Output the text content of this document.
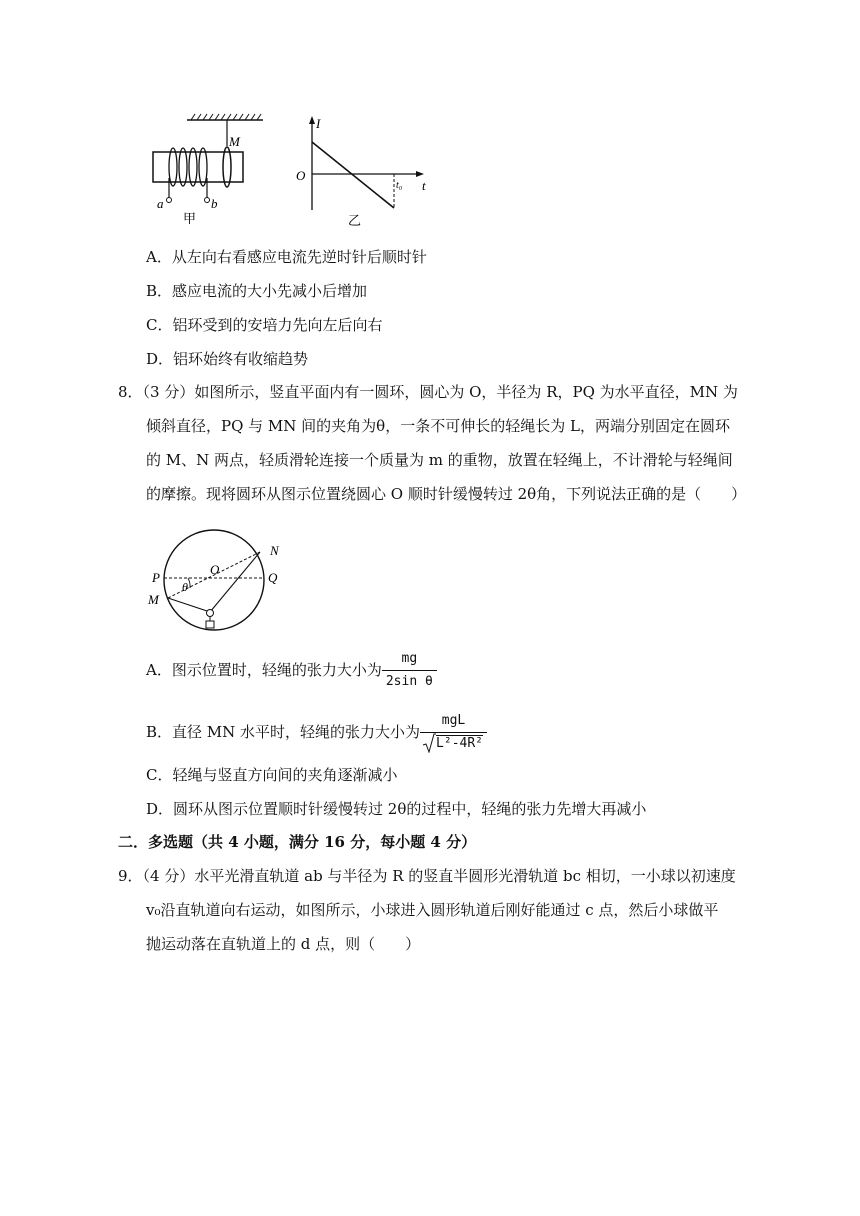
M
a	b
甲
I
O
t₀ t
乙
A．从左向右看感应电流先逆时针后顺时针
B．感应电流的大小先减小后增加
C．铝环受到的安培力先向左后向右
D．铝环始终有收缩趋势
8．（3 分）如图所示，竖直平面内有一圆环，圆心为 O，半径为 R，PQ 为水平直径，MN 为
倾斜直径，PQ 与 MN 间的夹角为θ，一条不可伸长的轻绳长为 L，两端分别固定在圆环
的 M、N 两点，轻质滑轮连接一个质量为 m 的重物，放置在轻绳上，不计滑轮与轻绳间
的摩擦。现将圆环从图示位置绕圆心 O 顺时针缓慢转过 2θ角，下列说法正确的是（　　）
N
O
P	Q
M
θ
A．图示位置时，轻绳的张力大小为 $\frac{mg}{\text{2sin θ}}$
B．直径 MN 水平时，轻绳的张力大小为 $\frac{\text{mgL}}{\text{L²-4R²}}$
C．轻绳与竖直方向间的夹角逐渐减小
D．圆环从图示位置顺时针缓慢转过 2θ的过程中，轻绳的张力先增大再减小
二．多选题（共 4 小题，满分 16 分，每小题 4 分）
9．（4 分）水平光滑直轨道 ab 与半径为 R 的竖直半圆形光滑轨道 bc 相切，一小球以初速度
v₀沿直轨道向右运动，如图所示，小球进入圆形轨道后刚好能通过 c 点，然后小球做平
抛运动落在直轨道上的 d 点，则（　　）
